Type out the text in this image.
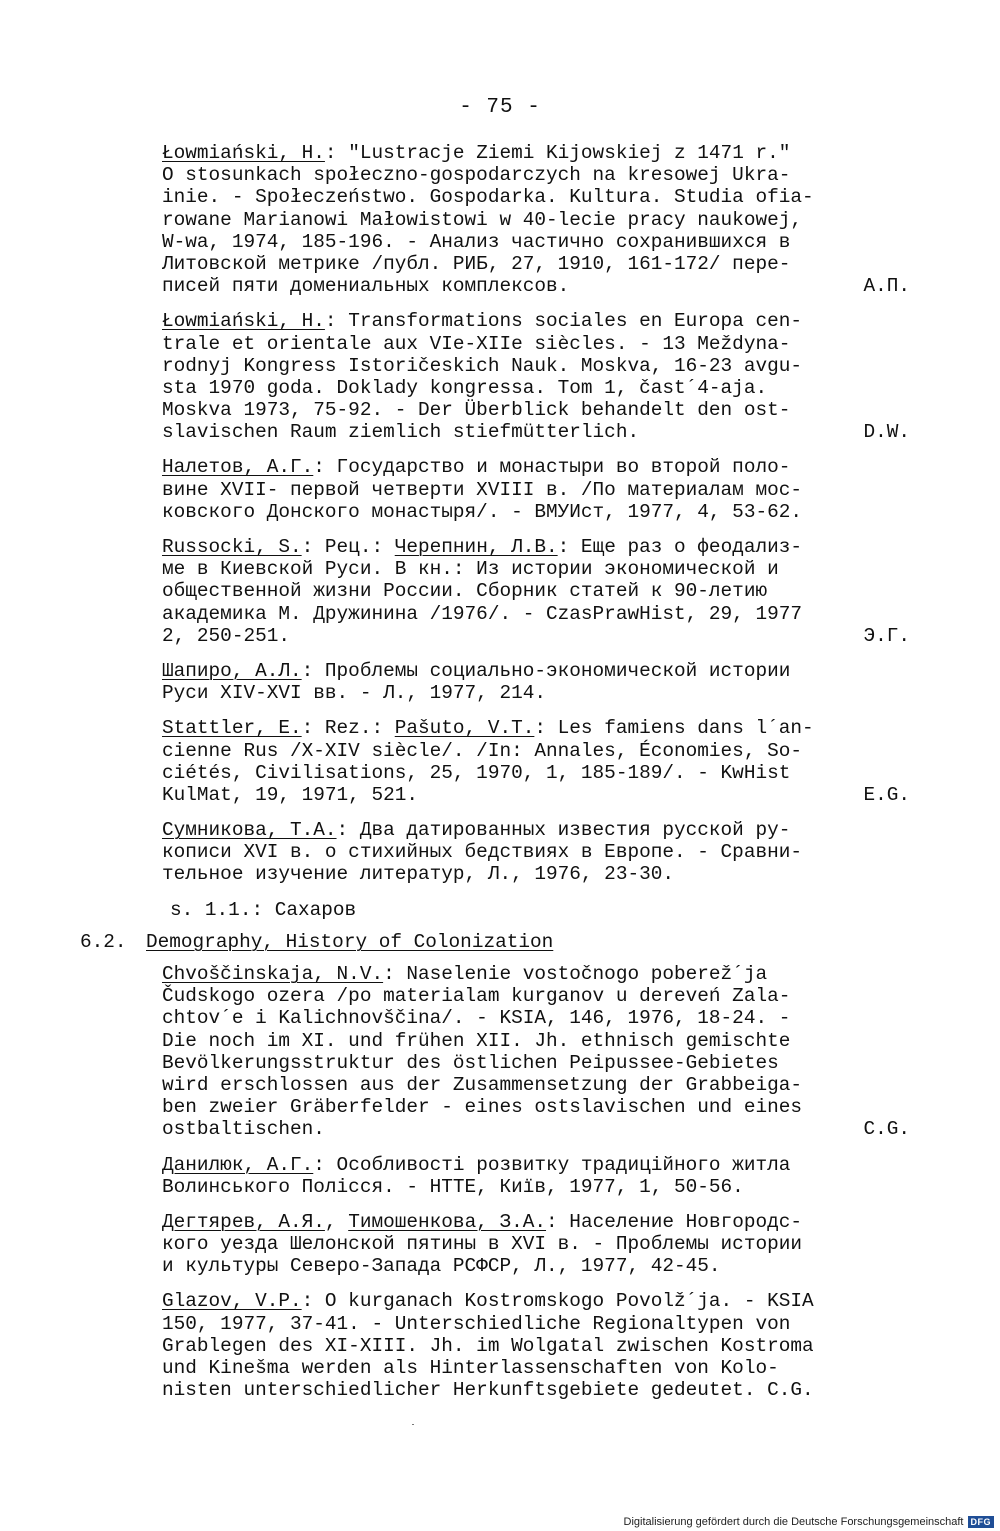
- 75 -
Łowmiański, H.: "Lustracje Ziemi Kijowskiej z 1471 r."
O stosunkach społeczno-gospodarczych na kresowej Ukra-
inie. - Społeczeństwo. Gospodarka. Kultura. Studia ofia-
rowane Marianowi Małowistowi w 40-lecie pracy naukowej,
W-wa, 1974, 185-196. - Анализ частично сохранившихся в
Литовской метрике /публ. РИБ, 27, 1910, 161-172/ пере-
писей пяти домениальных комплексов.	А.П.
Łowmiański, H.: Transformations sociales en Europa cen-
trale et orientale aux VIe-XIIe siècles. - 13 Meždуna-
rodnyj Kongress Istoričeskich Nauk. Moskva, 16-23 avgu-
sta 1970 goda. Doklady kongressa. Tom 1, čast´4-aja.
Moskva 1973, 75-92. - Der Überblick behandelt den ost-
slavischen Raum ziemlich stiefmütterlich.	D.W.
Налетов, А.Г.: Государство и монастыри во второй поло-
вине XVII- первой четверти XVIII в. /По материалам мос-
ковского Донского монастыря/. - ВМУИст, 1977, 4, 53-62.
Russocki, S.: Рец.: Черепнин, Л.В.: Еще раз о феодализ-
ме в Киевской Руси. В кн.: Из истории экономической и
общественной жизни России. Сборник статей к 90-летию
академика М. Дружинина /1976/. - CzasPrawHist, 29, 1977
2, 250-251.	Э.Г.
Шапиро, А.Л.: Проблемы социально-экономической истории
Руси XIV-XVI вв. - Л., 1977, 214.
Stattler, E.: Rez.: Pašuto, V.T.: Les famiens dans l´an-
cienne Rus /X-XIV siècle/. /In: Annales, Économies, So-
ciétés, Civilisations, 25, 1970, 1, 185-189/. - KwHist
KulMat, 19, 1971, 521.	E.G.
Сумникова, Т.А.: Два датированных известия русской ру-
кописи XVI в. о стихийных бедствиях в Европе. - Сравни-
тельное изучение литератур, Л., 1976, 23-30.
s. 1.1.: Сахаров
6.2. Demography, History of Colonization
Chvoščinskaja, N.V.: Naselenie vostočnogo poberež´ja
Čudskogo ozera /po materialam kurganov u dereveń Zala-
chtov´e i Kalichnovščina/. - KSIA, 146, 1976, 18-24. -
Die noch im XI. und frühen XII. Jh. ethnisch gemischte
Bevölkerungsstruktur des östlichen Peipussee-Gebietes
wird erschlossen aus der Zusammensetzung der Grabbeiga-
ben zweier Gräberfelder - eines ostslavischen und eines
ostbaltischen.	C.G.
Данилюк, А.Г.: Особливості розвитку традиційного житла
Волинського Полісся. - НТТЕ, Київ, 1977, 1, 50-56.
Дегтярев, А.Я., Тимошенкова, З.А.: Население Новгородс-
кого уезда Шелонской пятины в XVI в. - Проблемы истории
и культуры Северо-Запада РСФСР, Л., 1977, 42-45.
Glazov, V.P.: O kurganach Kostromskogo Povolž´ja. - KSIA
150, 1977, 37-41. - Unterschiedliche Regionaltypen von
Grablegen des XI-XIII. Jh. im Wolgatal zwischen Kostroma
und Kinešma werden als Hinterlassenschaften von Kolo-
nisten unterschiedlicher Herkunftsgebiete gedeutet. C.G.
Digitalisierung gefördert durch die Deutsche Forschungsgemeinschaft DFG
